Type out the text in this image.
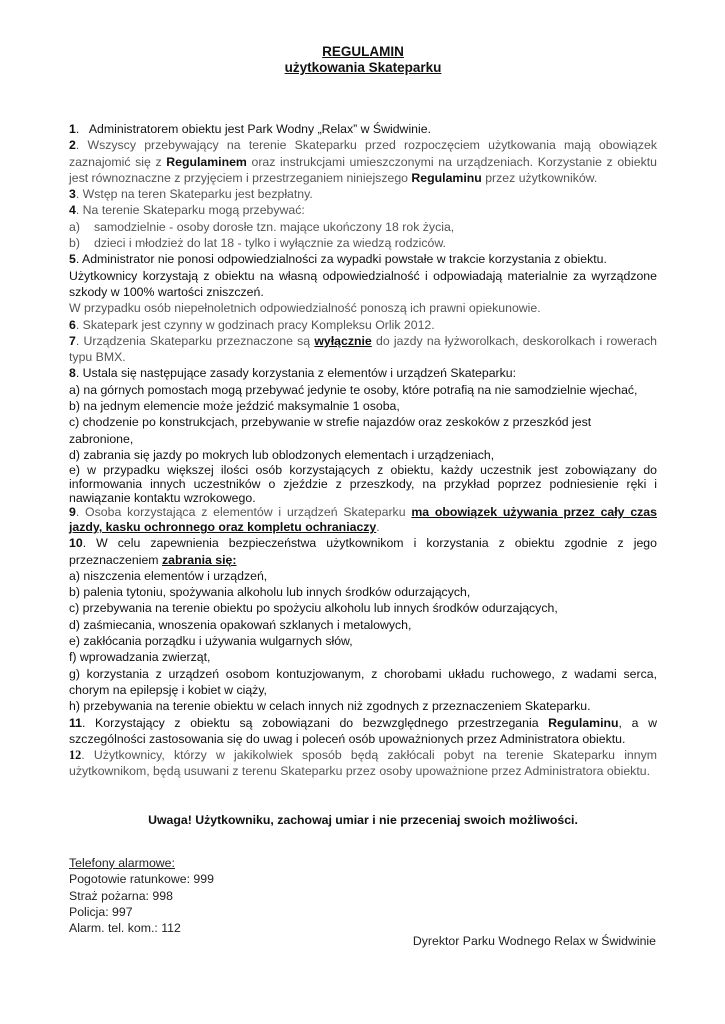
REGULAMIN
użytkowania Skateparku

1.   Administratorem obiektu jest Park Wodny „Relax” w Świdwinie.

2. Wszyscy przebywający na terenie Skateparku przed rozpoczęciem użytkowania mają obowiązek zaznajomić się z Regulaminem oraz instrukcjami umieszczonymi na urządzeniach. Korzystanie z obiektu jest równoznaczne z przyjęciem i przestrzeganiem niniejszego Regulaminu przez użytkowników.

3. Wstęp na teren Skateparku jest bezpłatny.

4. Na terenie Skateparku mogą przebywać:

a) samodzielnie - osoby dorosłe tzn. mające ukończony 18 rok życia,

b) dzieci i młodzież do lat 18 - tylko i wyłącznie za wiedzą rodziców.

5. Administrator nie ponosi odpowiedzialności za wypadki powstałe w trakcie korzystania z obiektu.

Użytkownicy korzystają z obiektu na własną odpowiedzialność i odpowiadają materialnie za wyrządzone szkody w 100% wartości zniszczeń.

W przypadku osób niepełnoletnich odpowiedzialność ponoszą ich prawni opiekunowie.

6. Skatepark jest czynny w godzinach pracy Kompleksu Orlik 2012.

7. Urządzenia Skateparku przeznaczone są wyłącznie do jazdy na łyżworolkach, deskorolkach i rowerach typu BMX.

8. Ustala się następujące zasady korzystania z elementów i urządzeń Skateparku:

a) na górnych pomostach mogą przebywać jedynie te osoby, które potrafią na nie samodzielnie wjechać,

b) na jednym elemencie może jeździć maksymalnie 1 osoba,

c) chodzenie po konstrukcjach, przebywanie w strefie najazdów oraz zeskoków z przeszkód jest zabronione,

d) zabrania się jazdy po mokrych lub oblodzonych elementach i urządzeniach,

e) w przypadku większej ilości osób korzystających z obiektu, każdy uczestnik jest zobowiązany do informowania innych uczestników o zjeździe z przeszkody, na przykład poprzez podniesienie ręki i nawiązanie kontaktu wzrokowego.

9. Osoba korzystająca z elementów i urządzeń Skateparku ma obowiązek używania przez cały czas jazdy, kasku ochronnego oraz kompletu ochraniaczy.

10. W celu zapewnienia bezpieczeństwa użytkownikom i korzystania z obiektu zgodnie z jego przeznaczeniem zabrania się:

a) niszczenia elementów i urządzeń,

b) palenia tytoniu, spożywania alkoholu lub innych środków odurzających,

c) przebywania na terenie obiektu po spożyciu alkoholu lub innych środków odurzających,

d) zaśmiecania, wnoszenia opakowań szklanych i metalowych,

e) zakłócania porządku i używania wulgarnych słów,

f) wprowadzania zwierząt,

g) korzystania z urządzeń osobom kontuzjowanym, z chorobami układu ruchowego, z wadami serca, chorym na epilepsję i kobiet w ciąży,

h) przebywania na terenie obiektu w celach innych niż zgodnych z przeznaczeniem Skateparku.

11. Korzystający z obiektu są zobowiązani do bezwzględnego przestrzegania Regulaminu, a w szczególności zastosowania się do uwag i poleceń osób upoważnionych przez Administratora obiektu.

12. Użytkownicy, którzy w jakikolwiek sposób będą zakłócali pobyt na terenie Skateparku innym użytkownikom, będą usuwani z terenu Skateparku przez osoby upoważnione przez Administratora obiektu.

Uwaga! Użytkowniku, zachowaj umiar i nie przeceniaj swoich możliwości.
Telefony alarmowe:
Pogotowie ratunkowe: 999
Straż pożarna: 998
Policja: 997
Alarm. tel. kom.: 112
Dyrektor Parku Wodnego Relax w Świdwinie
